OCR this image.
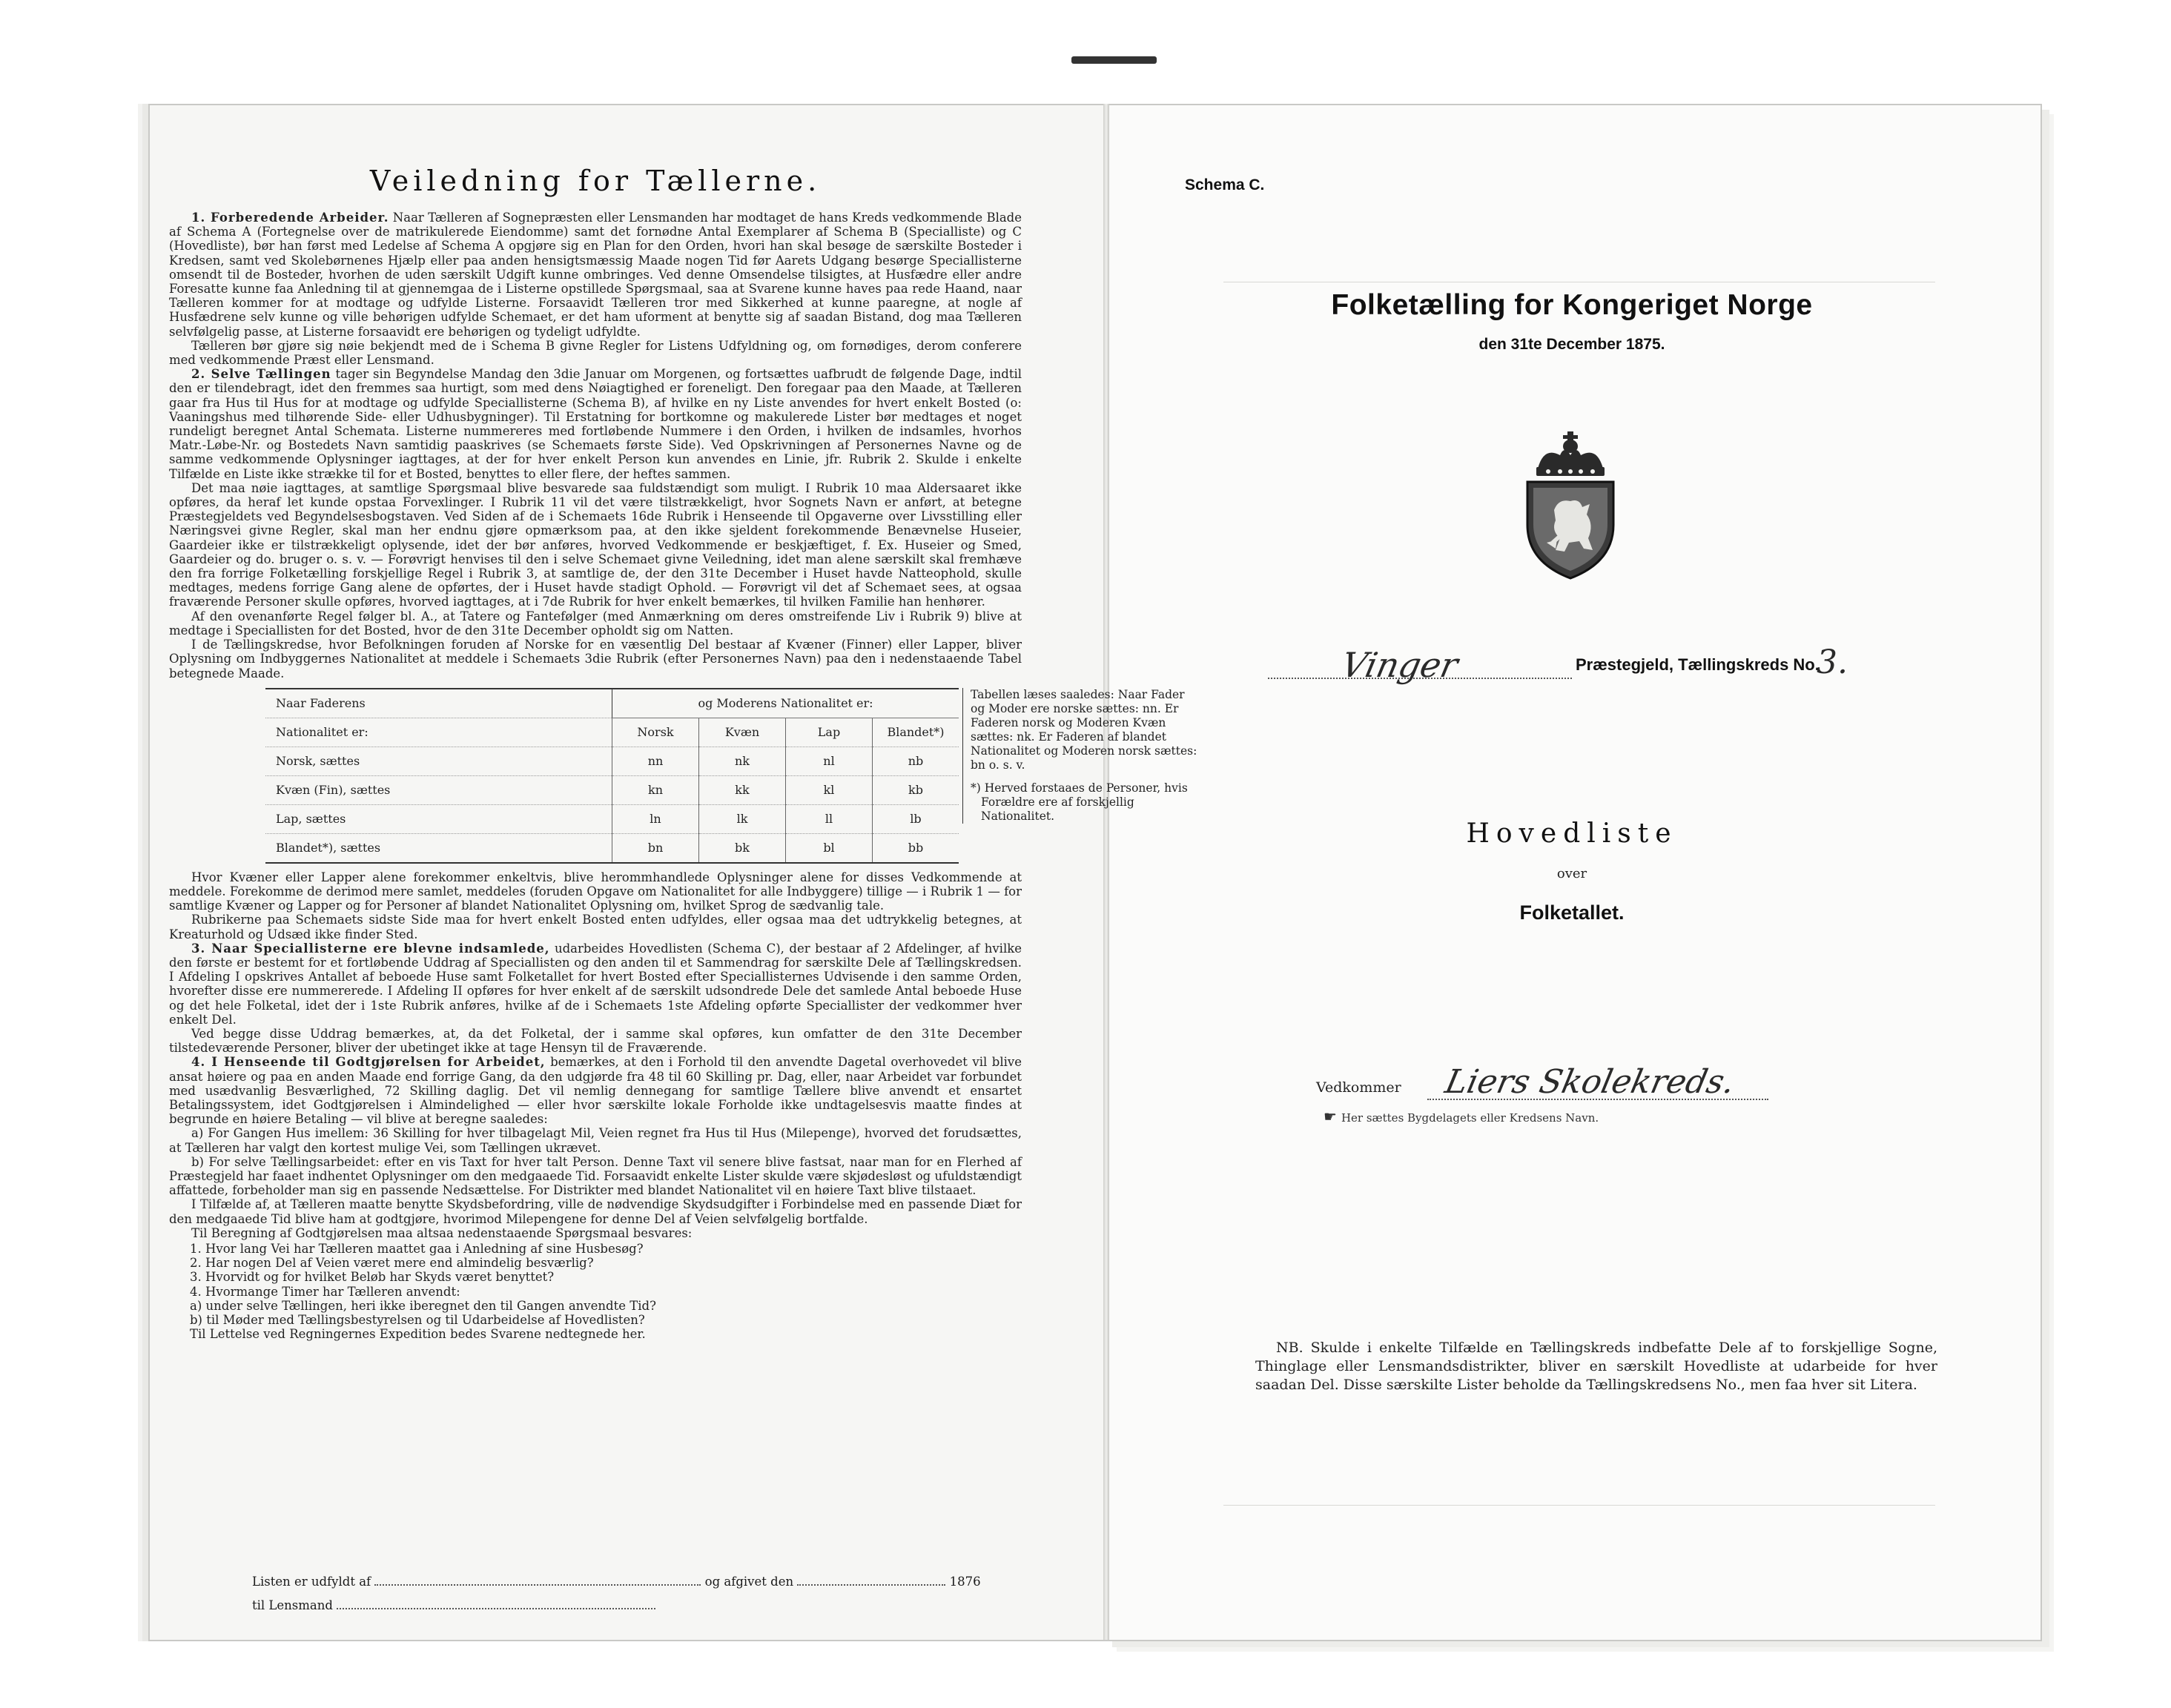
Veiledning for Tællerne.

1. Forberedende Arbeider. Naar Tælleren af Sognepræsten eller Lensmanden har modtaget de hans Kreds vedkommende Blade af Schema A (Fortegnelse over de matrikulerede Eiendomme) samt det fornødne Antal Exemplarer af Schema B (Specialliste) og C (Hovedliste), bør han først med Ledelse af Schema A opgjøre sig en Plan for den Orden, hvori han skal besøge de særskilte Bosteder i Kredsen, samt ved Skolebørnenes Hjælp eller paa anden hensigtsmæssig Maade nogen Tid før Aarets Udgang besørge Speciallisterne omsendt til de Bosteder, hvorhen de uden særskilt Udgift kunne ombringes. Ved denne Omsendelse tilsigtes, at Husfædre eller andre Foresatte kunne faa Anledning til at gjennemgaa de i Listerne opstillede Spørgsmaal, saa at Svarene kunne haves paa rede Haand, naar Tælleren kommer for at modtage og udfylde Listerne. Forsaavidt Tælleren tror med Sikkerhed at kunne paaregne, at nogle af Husfædrene selv kunne og ville behørigen udfylde Schemaet, er det ham uforment at benytte sig af saadan Bistand, dog maa Tælleren selvfølgelig passe, at Listerne forsaavidt ere behørigen og tydeligt udfyldte.

Tælleren bør gjøre sig nøie bekjendt med de i Schema B givne Regler for Listens Udfyldning og, om fornødiges, derom conferere med vedkommende Præst eller Lensmand.

2. Selve Tællingen tager sin Begyndelse Mandag den 3die Januar om Morgenen, og fortsættes uafbrudt de følgende Dage, indtil den er tilendebragt, idet den fremmes saa hurtigt, som med dens Nøiagtighed er foreneligt. Den foregaar paa den Maade, at Tælleren gaar fra Hus til Hus for at modtage og udfylde Speciallisterne (Schema B), af hvilke en ny Liste anvendes for hvert enkelt Bosted (o: Vaaningshus med tilhørende Side- eller Udhusbygninger). Til Erstatning for bortkomne og makulerede Lister bør medtages et noget rundeligt beregnet Antal Schemata. Listerne nummereres med fortløbende Nummere i den Orden, i hvilken de indsamles, hvorhos Matr.-Løbe-Nr. og Bostedets Navn samtidig paaskrives (se Schemaets første Side). Ved Opskrivningen af Personernes Navne og de samme vedkommende Oplysninger iagttages, at der for hver enkelt Person kun anvendes en Linie, jfr. Rubrik 2. Skulde i enkelte Tilfælde en Liste ikke strække til for et Bosted, benyttes to eller flere, der heftes sammen.

Det maa nøie iagttages, at samtlige Spørgsmaal blive besvarede saa fuldstændigt som muligt. I Rubrik 10 maa Aldersaaret ikke opføres, da heraf let kunde opstaa Forvexlinger. I Rubrik 11 vil det være tilstrækkeligt, hvor Sognets Navn er anført, at betegne Præstegjeldets ved Begyndelsesbogstaven. Ved Siden af de i Schemaets 16de Rubrik i Henseende til Opgaverne over Livsstilling eller Næringsvei givne Regler, skal man her endnu gjøre opmærksom paa, at den ikke sjeldent forekommende Benævnelse Huseier, Gaardeier ikke er tilstrækkeligt oplysende, idet der bør anføres, hvorved Vedkommende er beskjæftiget, f. Ex. Huseier og Smed, Gaardeier og do. bruger o. s. v. — Forøvrigt henvises til den i selve Schemaet givne Veiledning, idet man alene særskilt skal fremhæve den fra forrige Folketælling forskjellige Regel i Rubrik 3, at samtlige de, der den 31te December i Huset havde Natteophold, skulle medtages, medens forrige Gang alene de opførtes, der i Huset havde stadigt Ophold. — Forøvrigt vil det af Schemaet sees, at ogsaa fraværende Personer skulle opføres, hvorved iagttages, at i 7de Rubrik for hver enkelt bemærkes, til hvilken Familie han henhører.

Af den ovenanførte Regel følger bl. A., at Tatere og Fantefølger (med Anmærkning om deres omstreifende Liv i Rubrik 9) blive at medtage i Speciallisten for det Bosted, hvor de den 31te December opholdt sig om Natten.

I de Tællingskredse, hvor Befolkningen foruden af Norske for en væsentlig Del bestaar af Kvæner (Finner) eller Lapper, bliver Oplysning om Indbyggernes Nationalitet at meddele i Schemaets 3die Rubrik (efter Personernes Navn) paa den i nedenstaaende Tabel betegnede Maade.

Naar Faderens	og Moderens Nationalitet er:			
Nationalitet er:	Norsk	Kvæn	Lap	Blandet*)
Norsk, sættes	nn	nk	nl	nb
Kvæn (Fin), sættes	kn	kk	kl	kb
Lap, sættes	ln	lk	ll	lb
Blandet*), sættes	bn	bk	bl	bb
Tabellen læses saaledes: Naar Fader og Moder ere norske sættes: nn. Er Faderen norsk og Moderen Kvæn sættes: nk. Er Faderen af blandet Nationalitet og Moderen norsk sættes: bn o. s. v.
*) Herved forstaaes de Personer, hvis Forældre ere af forskjellig Nationalitet.

Hvor Kvæner eller Lapper alene forekommer enkeltvis, blive herommhandlede Oplysninger alene for disses Vedkommende at meddele. Forekomme de derimod mere samlet, meddeles (foruden Opgave om Nationalitet for alle Indbyggere) tillige — i Rubrik 1 — for samtlige Kvæner og Lapper og for Personer af blandet Nationalitet Oplysning om, hvilket Sprog de sædvanlig tale.

Rubrikerne paa Schemaets sidste Side maa for hvert enkelt Bosted enten udfyldes, eller ogsaa maa det udtrykkelig betegnes, at Kreaturhold og Udsæd ikke finder Sted.

3. Naar Speciallisterne ere blevne indsamlede, udarbeides Hovedlisten (Schema C), der bestaar af 2 Afdelinger, af hvilke den første er bestemt for et fortløbende Uddrag af Speciallisten og den anden til et Sammendrag for særskilte Dele af Tællingskredsen. I Afdeling I opskrives Antallet af beboede Huse samt Folketallet for hvert Bosted efter Speciallisternes Udvisende i den samme Orden, hvorefter disse ere nummererede. I Afdeling II opføres for hver enkelt af de særskilt udsondrede Dele det samlede Antal beboede Huse og det hele Folketal, idet der i 1ste Rubrik anføres, hvilke af de i Schemaets 1ste Afdeling opførte Speciallister der vedkommer hver enkelt Del.

Ved begge disse Uddrag bemærkes, at, da det Folketal, der i samme skal opføres, kun omfatter de den 31te December tilstedeværende Personer, bliver der ubetinget ikke at tage Hensyn til de Fraværende.

4. I Henseende til Godtgjørelsen for Arbeidet, bemærkes, at den i Forhold til den anvendte Dagetal overhovedet vil blive ansat høiere og paa en anden Maade end forrige Gang, da den udgjørde fra 48 til 60 Skilling pr. Dag, eller, naar Arbeidet var forbundet med usædvanlig Besværlighed, 72 Skilling daglig. Det vil nemlig dennegang for samtlige Tællere blive anvendt et ensartet Betalingssystem, idet Godtgjørelsen i Almindelighed — eller hvor særskilte lokale Forholde ikke undtagelsesvis maatte findes at begrunde en høiere Betaling — vil blive at beregne saaledes:

a) For Gangen Hus imellem: 36 Skilling for hver tilbagelagt Mil, Veien regnet fra Hus til Hus (Milepenge), hvorved det forudsættes, at Tælleren har valgt den kortest mulige Vei, som Tællingen ukrævet.

b) For selve Tællingsarbeidet: efter en vis Taxt for hver talt Person. Denne Taxt vil senere blive fastsat, naar man for en Flerhed af Præstegjeld har faaet indhentet Oplysninger om den medgaaede Tid. Forsaavidt enkelte Lister skulde være skjødesløst og ufuldstændigt affattede, forbeholder man sig en passende Nedsættelse. For Distrikter med blandet Nationalitet vil en høiere Taxt blive tilstaaet.

I Tilfælde af, at Tælleren maatte benytte Skydsbefordring, ville de nødvendige Skydsudgifter i Forbindelse med en passende Diæt for den medgaaede Tid blive ham at godtgjøre, hvorimod Milepengene for denne Del af Veien selvfølgelig bortfalde.

Til Beregning af Godtgjørelsen maa altsaa nedenstaaende Spørgsmaal besvares:

1. Hvor lang Vei har Tælleren maattet gaa i Anledning af sine Husbesøg?
2. Har nogen Del af Veien været mere end almindelig besværlig?
3. Hvorvidt og for hvilket Beløb har Skyds været benyttet?
4. Hvormange Timer har Tælleren anvendt:
a) under selve Tællingen, heri ikke iberegnet den til Gangen anvendte Tid?
b) til Møder med Tællingsbestyrelsen og til Udarbeidelse af Hovedlisten?
Til Lettelse ved Regningernes Expedition bedes Svarene nedtegnede her.
Listen er udfyldt af	og afgivet den	1876
til Lensmand
Schema C.
Folketælling for Kongeriget Norge
den 31te December 1875.
Vinger	Præstegjeld, Tællingskreds No.
3.
Hovedliste
over
Folketallet.
Vedkommer Liers Skolekreds.
☛ Her sættes Bygdelagets eller Kredsens Navn.
NB. Skulde i enkelte Tilfælde en Tællingskreds indbefatte Dele af to forskjellige Sogne, Thinglage eller Lensmandsdistrikter, bliver en særskilt Hovedliste at udarbeide for hver saadan Del. Disse særskilte Lister beholde da Tællingskredsens No., men faa hver sit Litera.
